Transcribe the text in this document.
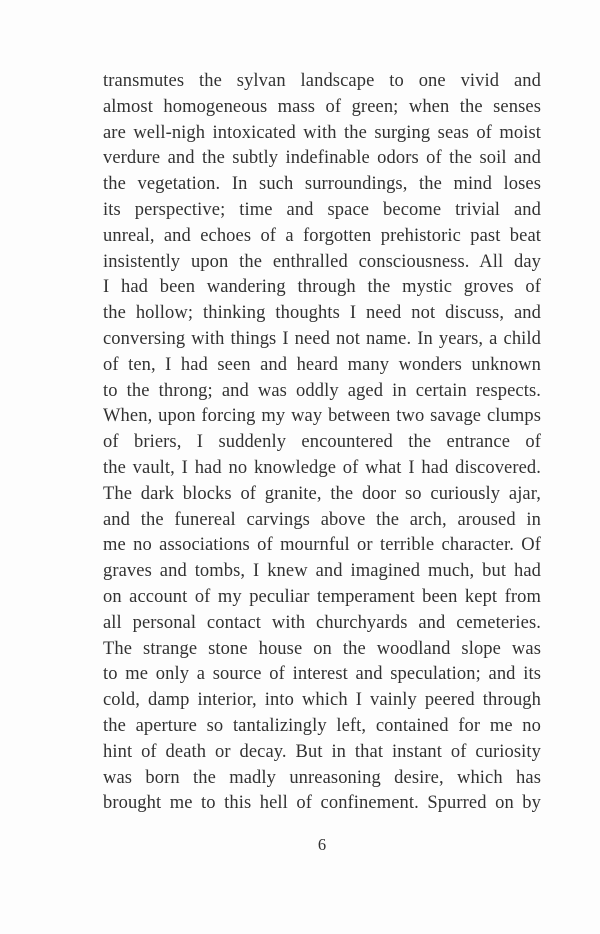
transmutes the sylvan landscape to one vivid and
almost homogeneous mass of green; when the senses
are well-nigh intoxicated with the surging seas of moist
verdure and the subtly indefinable odors of the soil and
the vegetation. In such surroundings, the mind loses
its perspective; time and space become trivial and
unreal, and echoes of a forgotten prehistoric past beat
insistently upon the enthralled consciousness. All day
I had been wandering through the mystic groves of
the hollow; thinking thoughts I need not discuss, and
conversing with things I need not name. In years, a child
of ten, I had seen and heard many wonders unknown
to the throng; and was oddly aged in certain respects.
When, upon forcing my way between two savage clumps
of briers, I suddenly encountered the entrance of
the vault, I had no knowledge of what I had discovered.
The dark blocks of granite, the door so curiously ajar,
and the funereal carvings above the arch, aroused in
me no associations of mournful or terrible character. Of
graves and tombs, I knew and imagined much, but had
on account of my peculiar temperament been kept from
all personal contact with churchyards and cemeteries.
The strange stone house on the woodland slope was
to me only a source of interest and speculation; and its
cold, damp interior, into which I vainly peered through
the aperture so tantalizingly left, contained for me no
hint of death or decay. But in that instant of curiosity
was born the madly unreasoning desire, which has
brought me to this hell of confinement. Spurred on by
6
